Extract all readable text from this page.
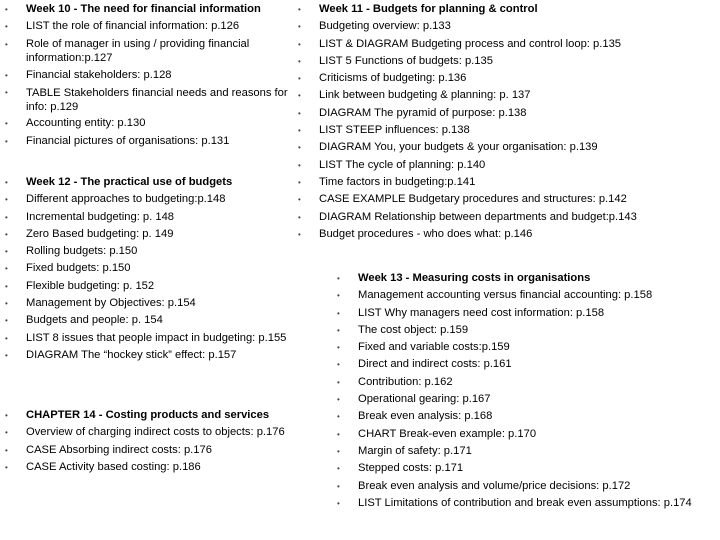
• Week 10 - The need for financial information
• LIST the role of financial information: p.126
• Role of manager in using / providing financial information:p.127
• Financial stakeholders: p.128
• TABLE Stakeholders financial needs and reasons for info: p.129
• Accounting entity: p.130
• Financial pictures of organisations: p.131
• Week 12 - The practical use of budgets
• Different approaches to budgeting:p.148
• Incremental budgeting: p. 148
• Zero Based budgeting: p. 149
• Rolling budgets: p.150
• Fixed budgets: p.150
• Flexible budgeting: p. 152
• Management by Objectives: p.154
• Budgets and people: p. 154
• LIST 8 issues that people impact in budgeting: p.155
• DIAGRAM The “hockey stick” effect: p.157
• CHAPTER 14 - Costing products and services
• Overview of charging indirect costs to objects: p.176
• CASE Absorbing indirect costs: p.176
• CASE Activity based costing: p.186
• Week 11 - Budgets for planning & control
• Budgeting overview: p.133
• LIST & DIAGRAM Budgeting process and control loop: p.135
• LIST 5 Functions of budgets: p.135
• Criticisms of budgeting: p.136
• Link between budgeting & planning: p. 137
• DIAGRAM The pyramid of purpose: p.138
• LIST STEEP influences: p.138
• DIAGRAM You, your budgets & your organisation: p.139
• LIST The cycle of planning: p.140
• Time factors in budgeting:p.141
• CASE EXAMPLE Budgetary procedures and structures: p.142
• DIAGRAM Relationship between departments and budget:p.143
• Budget procedures - who does what: p.146
• Week 13 - Measuring costs in organisations
• Management accounting versus financial accounting: p.158
• LIST Why managers need cost information: p.158
• The cost object: p.159
• Fixed and variable costs:p.159
• Direct and indirect costs: p.161
• Contribution: p.162
• Operational gearing: p.167
• Break even analysis: p.168
• CHART Break-even example: p.170
• Margin of safety: p.171
• Stepped costs: p.171
• Break even analysis and volume/price decisions: p.172
• LIST Limitations of contribution and break even assumptions: p.174
